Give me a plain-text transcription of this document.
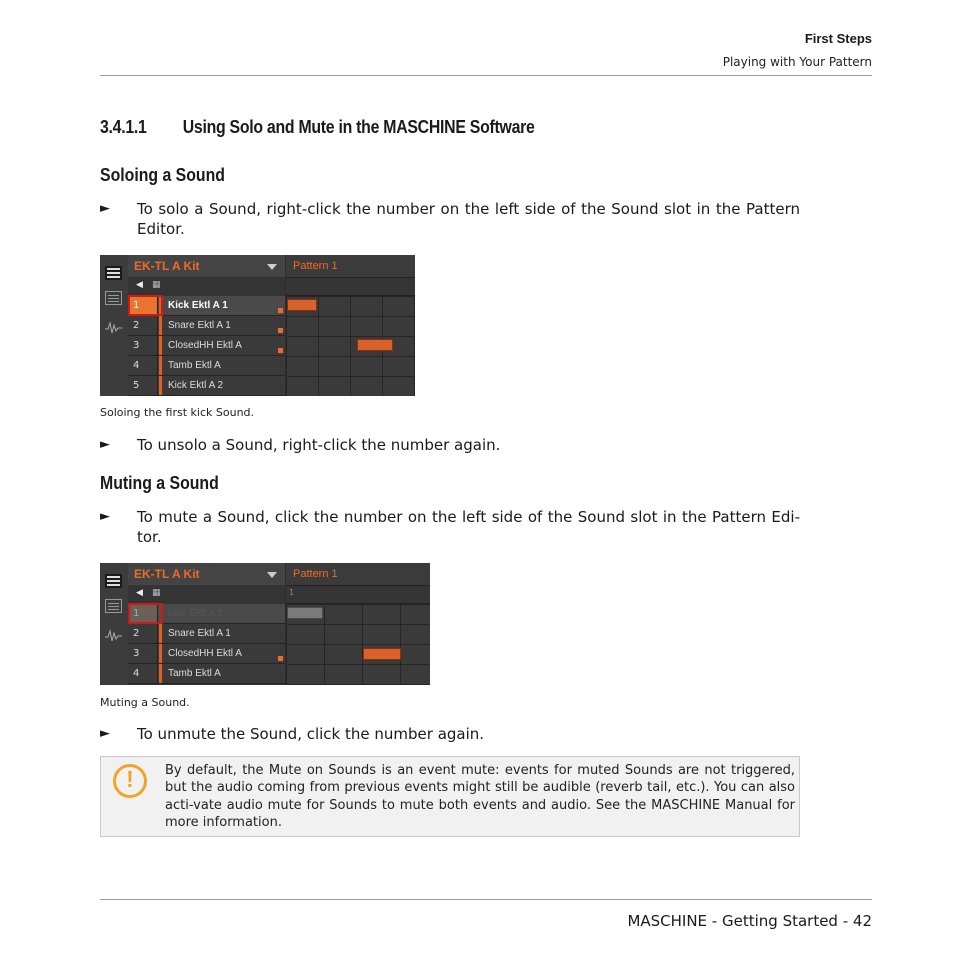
First Steps
Playing with Your Pattern
3.4.1.1 Using Solo and Mute in the MASCHINE Software
Soloing a Sound
► To solo a Sound, right-click the number on the left side of the Sound slot in the Pattern Editor.
EK-TL A Kit
◀ ▦
1	Kick Ektl A 1
2	Snare Ektl A 1
3	ClosedHH Ektl A
4	Tamb Ektl A
5	Kick Ektl A 2
Pattern 1
Soloing the first kick Sound.
► To unsolo a Sound, right-click the number again.
Muting a Sound
► To mute a Sound, click the number on the left side of the Sound slot in the Pattern Edi-tor.
EK-TL A Kit
◀ ▦
1	Kick Ektl A 1
2	Snare Ektl A 1
3	ClosedHH Ektl A
4	Tamb Ektl A
Pattern 1
1
Muting a Sound.
► To unmute the Sound, click the number again.
!	By default, the Mute on Sounds is an event mute: events for muted Sounds are not triggered, but the audio coming from previous events might still be audible (reverb tail, etc.). You can also acti-vate audio mute for Sounds to mute both events and audio. See the MASCHINE Manual for more information.
MASCHINE - Getting Started - 42
